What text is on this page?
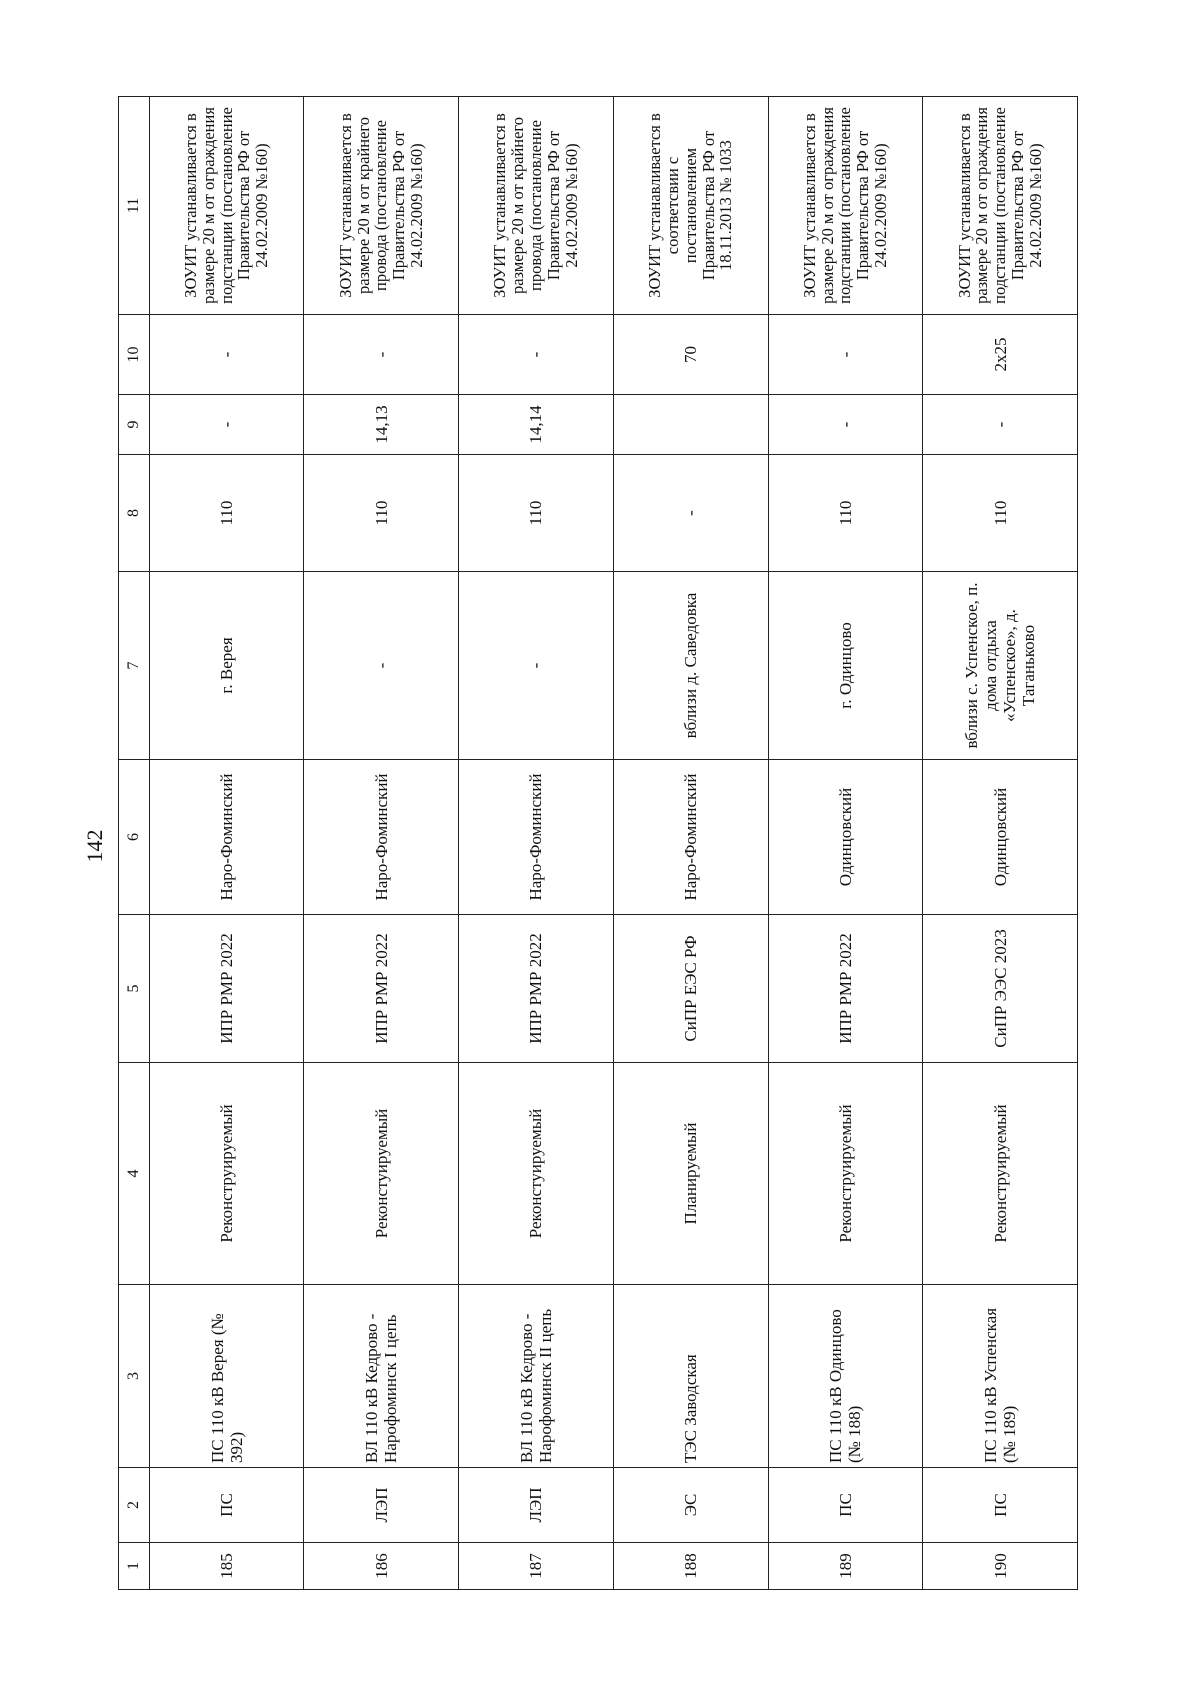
142
1	2	3	4	5	6	7	8	9	10	11
185	ПС	ПС 110 кВ Верея (№ 392)	Реконструируемый	ИПР РМР 2022	Наро-Фоминский	г. Верея	110	-	-	ЗОУИТ устанавливается в размере 20 м от ограждения подстанции (постановление Правительства РФ от 24.02.2009 №160)
186	ЛЭП	ВЛ 110 кВ Кедрово - Нарофоминск I цепь	Реконстуируемый	ИПР РМР 2022	Наро-Фоминский	-	110	14,13	-	ЗОУИТ устанавливается в размере 20 м от крайнего провода (постановление Правительства РФ от 24.02.2009 №160)
187	ЛЭП	ВЛ 110 кВ Кедрово - Нарофоминск II цепь	Реконстуируемый	ИПР РМР 2022	Наро-Фоминский	-	110	14,14	-	ЗОУИТ устанавливается в размере 20 м от крайнего провода (постановление Правительства РФ от 24.02.2009 №160)
188	ЭС	ТЭС Заводская	Планируемый	СиПР ЕЭС РФ	Наро-Фоминский	вблизи д. Саведовка	-		70	ЗОУИТ устанавливается в соответсвии с постановлением Правительства РФ от 18.11.2013 № 1033
189	ПС	ПС 110 кВ Одинцово (№ 188)	Реконструируемый	ИПР РМР 2022	Одинцовский	г. Одинцово	110	-	-	ЗОУИТ устанавливается в размере 20 м от ограждения подстанции (постановление Правительства РФ от 24.02.2009 №160)
190	ПС	ПС 110 кВ Успенская (№ 189)	Реконструируемый	СиПР ЭЭС 2023	Одинцовский	вблизи с. Успенское, п. дома отдыха «Успенское», д. Таганьково	110	-	2х25	ЗОУИТ устанавливается в размере 20 м от ограждения подстанции (постановление Правительства РФ от 24.02.2009 №160)
